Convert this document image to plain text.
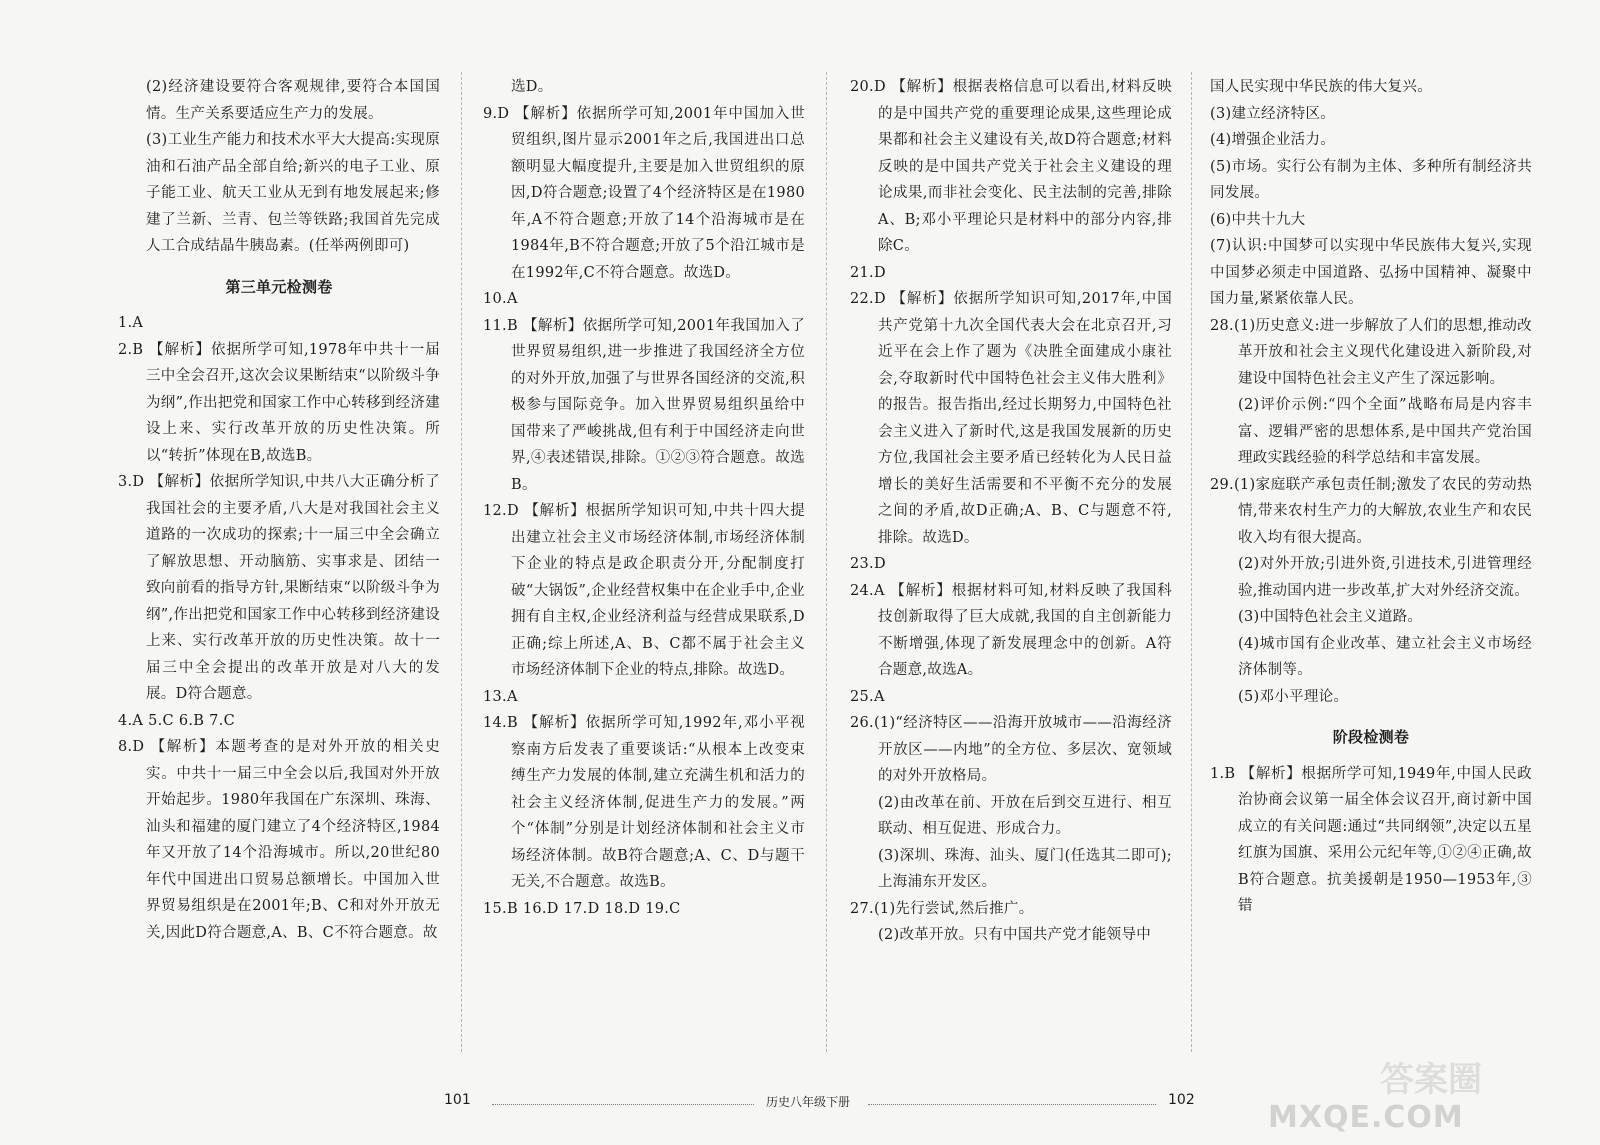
(2)经济建设要符合客观规律,要符合本国国情。生产关系要适应生产力的发展。

(3)工业生产能力和技术水平大大提高:实现原油和石油产品全部自给;新兴的电子工业、原子能工业、航天工业从无到有地发展起来;修建了兰新、兰青、包兰等铁路;我国首先完成人工合成结晶牛胰岛素。(任举两例即可)

第三单元检测卷

1.A

2.B 【解析】依据所学可知,1978年中共十一届三中全会召开,这次会议果断结束“以阶级斗争为纲”,作出把党和国家工作中心转移到经济建设上来、实行改革开放的历史性决策。所以“转折”体现在B,故选B。

3.D 【解析】依据所学知识,中共八大正确分析了我国社会的主要矛盾,八大是对我国社会主义道路的一次成功的探索;十一届三中全会确立了解放思想、开动脑筋、实事求是、团结一致向前看的指导方针,果断结束“以阶级斗争为纲”,作出把党和国家工作中心转移到经济建设上来、实行改革开放的历史性决策。故十一届三中全会提出的改革开放是对八大的发展。D符合题意。

4.A 5.C 6.B 7.C

8.D 【解析】本题考查的是对外开放的相关史实。中共十一届三中全会以后,我国对外开放开始起步。1980年我国在广东深圳、珠海、汕头和福建的厦门建立了4个经济特区,1984年又开放了14个沿海城市。所以,20世纪80年代中国进出口贸易总额增长。中国加入世界贸易组织是在2001年;B、C和对外开放无关,因此D符合题意,A、B、C不符合题意。故

选D。

9.D 【解析】依据所学可知,2001年中国加入世贸组织,图片显示2001年之后,我国进出口总额明显大幅度提升,主要是加入世贸组织的原因,D符合题意;设置了4个经济特区是在1980年,A不符合题意;开放了14个沿海城市是在1984年,B不符合题意;开放了5个沿江城市是在1992年,C不符合题意。故选D。

10.A

11.B 【解析】依据所学可知,2001年我国加入了世界贸易组织,进一步推进了我国经济全方位的对外开放,加强了与世界各国经济的交流,积极参与国际竞争。加入世界贸易组织虽给中国带来了严峻挑战,但有利于中国经济走向世界,④表述错误,排除。①②③符合题意。故选B。

12.D 【解析】根据所学知识可知,中共十四大提出建立社会主义市场经济体制,市场经济体制下企业的特点是政企职责分开,分配制度打破“大锅饭”,企业经营权集中在企业手中,企业拥有自主权,企业经济利益与经营成果联系,D正确;综上所述,A、B、C都不属于社会主义市场经济体制下企业的特点,排除。故选D。

13.A

14.B 【解析】依据所学可知,1992年,邓小平视察南方后发表了重要谈话:“从根本上改变束缚生产力发展的体制,建立充满生机和活力的社会主义经济体制,促进生产力的发展。”两个“体制”分别是计划经济体制和社会主义市场经济体制。故B符合题意;A、C、D与题干无关,不合题意。故选B。

15.B 16.D 17.D 18.D 19.C

20.D 【解析】根据表格信息可以看出,材料反映的是中国共产党的重要理论成果,这些理论成果都和社会主义建设有关,故D符合题意;材料反映的是中国共产党关于社会主义建设的理论成果,而非社会变化、民主法制的完善,排除A、B;邓小平理论只是材料中的部分内容,排除C。

21.D

22.D 【解析】依据所学知识可知,2017年,中国共产党第十九次全国代表大会在北京召开,习近平在会上作了题为《决胜全面建成小康社会,夺取新时代中国特色社会主义伟大胜利》的报告。报告指出,经过长期努力,中国特色社会主义进入了新时代,这是我国发展新的历史方位,我国社会主要矛盾已经转化为人民日益增长的美好生活需要和不平衡不充分的发展之间的矛盾,故D正确;A、B、C与题意不符,排除。故选D。

23.D

24.A 【解析】根据材料可知,材料反映了我国科技创新取得了巨大成就,我国的自主创新能力不断增强,体现了新发展理念中的创新。A符合题意,故选A。

25.A

26.(1)“经济特区——沿海开放城市——沿海经济开放区——内地”的全方位、多层次、宽领域的对外开放格局。

(2)由改革在前、开放在后到交互进行、相互联动、相互促进、形成合力。

(3)深圳、珠海、汕头、厦门(任选其二即可);上海浦东开发区。

27.(1)先行尝试,然后推广。

(2)改革开放。只有中国共产党才能领导中

国人民实现中华民族的伟大复兴。

(3)建立经济特区。

(4)增强企业活力。

(5)市场。实行公有制为主体、多种所有制经济共同发展。

(6)中共十九大

(7)认识:中国梦可以实现中华民族伟大复兴,实现中国梦必须走中国道路、弘扬中国精神、凝聚中国力量,紧紧依靠人民。

28.(1)历史意义:进一步解放了人们的思想,推动改革开放和社会主义现代化建设进入新阶段,对建设中国特色社会主义产生了深远影响。

(2)评价示例:“四个全面”战略布局是内容丰富、逻辑严密的思想体系,是中国共产党治国理政实践经验的科学总结和丰富发展。

29.(1)家庭联产承包责任制;激发了农民的劳动热情,带来农村生产力的大解放,农业生产和农民收入均有很大提高。

(2)对外开放;引进外资,引进技术,引进管理经验,推动国内进一步改革,扩大对外经济交流。

(3)中国特色社会主义道路。

(4)城市国有企业改革、建立社会主义市场经济体制等。

(5)邓小平理论。

阶段检测卷

1.B 【解析】根据所学可知,1949年,中国人民政治协商会议第一届全体会议召开,商讨新中国成立的有关问题:通过“共同纲领”,决定以五星红旗为国旗、采用公元纪年等,①②④正确,故B符合题意。抗美援朝是1950—1953年,③错

101	历史八年级下册	102	答案圈
MXQE.COM
